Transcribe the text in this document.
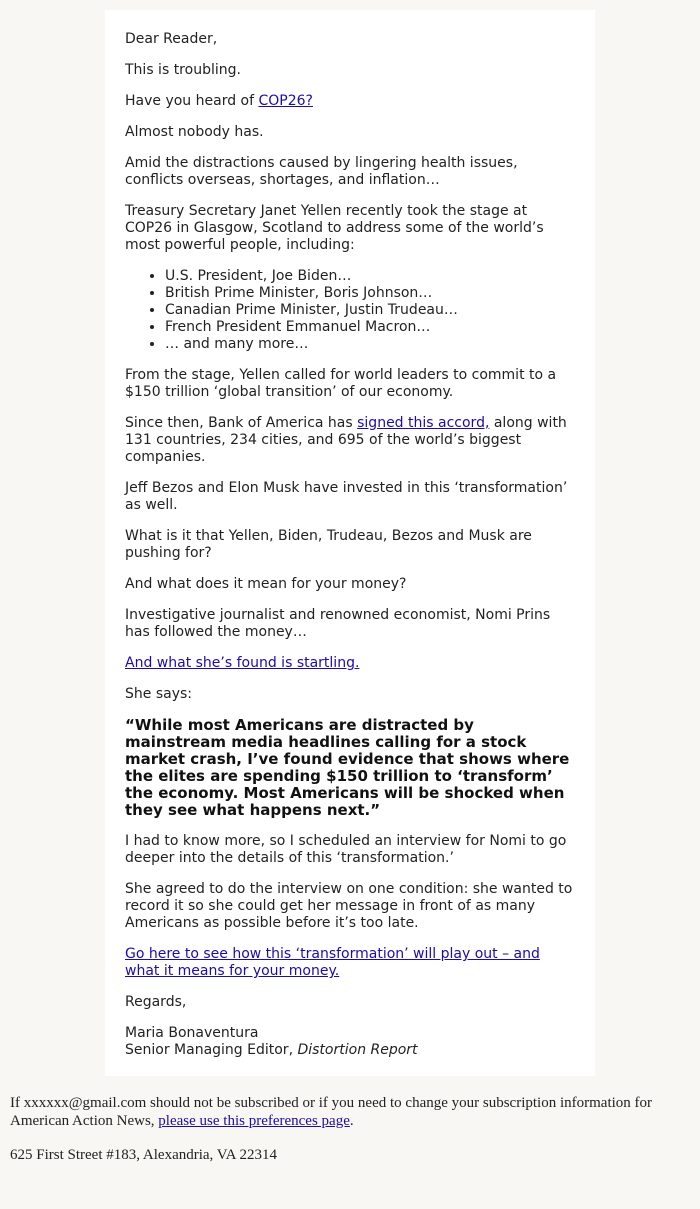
Dear Reader,

This is troubling.

Have you heard of COP26?

Almost nobody has.

Amid the distractions caused by lingering health issues, conflicts overseas, shortages, and inflation…

Treasury Secretary Janet Yellen recently took the stage at COP26 in Glasgow, Scotland to address some of the world’s most powerful people, including:

• U.S. President, Joe Biden…
• British Prime Minister, Boris Johnson…
• Canadian Prime Minister, Justin Trudeau…
• French President Emmanuel Macron…
• … and many more…

From the stage, Yellen called for world leaders to commit to a $150 trillion ‘global transition’ of our economy.

Since then, Bank of America has signed this accord, along with 131 countries, 234 cities, and 695 of the world’s biggest companies.

Jeff Bezos and Elon Musk have invested in this ‘transformation’ as well.

What is it that Yellen, Biden, Trudeau, Bezos and Musk are pushing for?

And what does it mean for your money?

Investigative journalist and renowned economist, Nomi Prins has followed the money…

And what she’s found is startling.

She says:

“While most Americans are distracted by mainstream media headlines calling for a stock market crash, I’ve found evidence that shows where the elites are spending $150 trillion to ‘transform’ the economy. Most Americans will be shocked when they see what happens next.”

I had to know more, so I scheduled an interview for Nomi to go deeper into the details of this ‘transformation.’

She agreed to do the interview on one condition: she wanted to record it so she could get her message in front of as many Americans as possible before it’s too late.

Go here to see how this ‘transformation’ will play out – and what it means for your money.

Regards,

Maria Bonaventura
Senior Managing Editor, Distortion Report

If xxxxxx@gmail.com should not be subscribed or if you need to change your subscription information for American Action News, please use this preferences page.

625 First Street #183, Alexandria, VA 22314
